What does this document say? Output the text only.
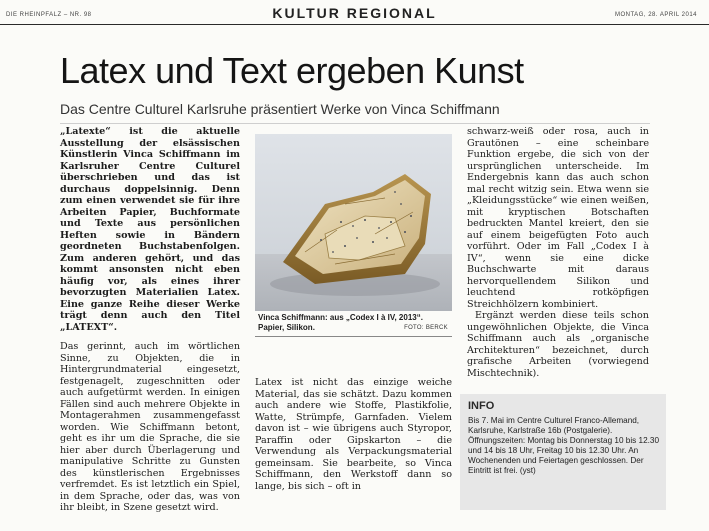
DIE RHEINPFALZ – NR. 98	KULTUR REGIONAL	MONTAG, 28. APRIL 2014
Latex und Text ergeben Kunst
Das Centre Culturel Karlsruhe präsentiert Werke von Vinca Schiffmann

„Latexte“ ist die aktuelle Ausstellung der elsässischen Künstlerin Vinca Schiffmann im Karlsruher Centre Culturel überschrieben und das ist durchaus doppelsinnig. Denn zum einen verwendet sie für ihre Arbeiten Papier, Buchformate und Texte aus persönlichen Heften sowie in Bändern geordneten Buchstabenfolgen. Zum anderen gehört, und das kommt ansonsten nicht eben häufig vor, als eines ihrer bevorzugten Materialien Latex. Eine ganze Reihe dieser Werke trägt denn auch den Titel „LATEXT“.

Das gerinnt, auch im wörtlichen Sinne, zu Objekten, die in Hintergrundmaterial eingesetzt, festgenagelt, zugeschnitten oder auch aufgetürmt werden. In einigen Fällen sind auch mehrere Objekte in Montagerahmen zusammengefasst worden. Wie Schiffmann betont, geht es ihr um die Sprache, die sie hier aber durch Überlagerung und manipulative Schritte zu Gunsten des künstlerischen Ergebnisses verfremdet. Es ist letztlich ein Spiel, in dem Sprache, oder das, was von ihr bleibt, in Szene gesetzt wird.

Vinca Schiffmann: aus „Codex I à IV, 2013“. Papier, Silikon.	FOTO: BERCK

Latex ist nicht das einzige weiche Material, das sie schätzt. Dazu kommen auch andere wie Stoffe, Plastikfolie, Watte, Strümpfe, Garnfaden. Vielem davon ist – wie übrigens auch Styropor, Paraffin oder Gipskarton – die Verwendung als Verpackungsmaterial gemeinsam. Sie bearbeite, so Vinca Schiffmann, den Werkstoff dann so lange, bis sich – oft in

schwarz-weiß oder rosa, auch in Grautönen – eine scheinbare Funktion ergebe, die sich von der ursprünglichen unterscheide. Im Endergebnis kann das auch schon mal recht witzig sein. Etwa wenn sie „Kleidungsstücke“ wie einen weißen, mit kryptischen Botschaften bedruckten Mantel kreiert, den sie auf einem beigefügten Foto auch vorführt. Oder im Fall „Codex I à IV“, wenn sie eine dicke Buchschwarte mit daraus hervorquellendem Silikon und leuchtend rotköpfigen Streichhölzern kombiniert.

Ergänzt werden diese teils schon ungewöhnlichen Objekte, die Vinca Schiffmann auch als „organische Architekturen“ bezeichnet, durch grafische Arbeiten (vorwiegend Mischtechnik).

INFO
Bis 7. Mai im Centre Culturel Franco-Allemand, Karlsruhe, Karlstraße 16b (Postgalerie). Öffnungszeiten: Montag bis Donnerstag 10 bis 12.30 und 14 bis 18 Uhr, Freitag 10 bis 12.30 Uhr. An Wochenenden und Feiertagen geschlossen. Der Eintritt ist frei. (yst)
